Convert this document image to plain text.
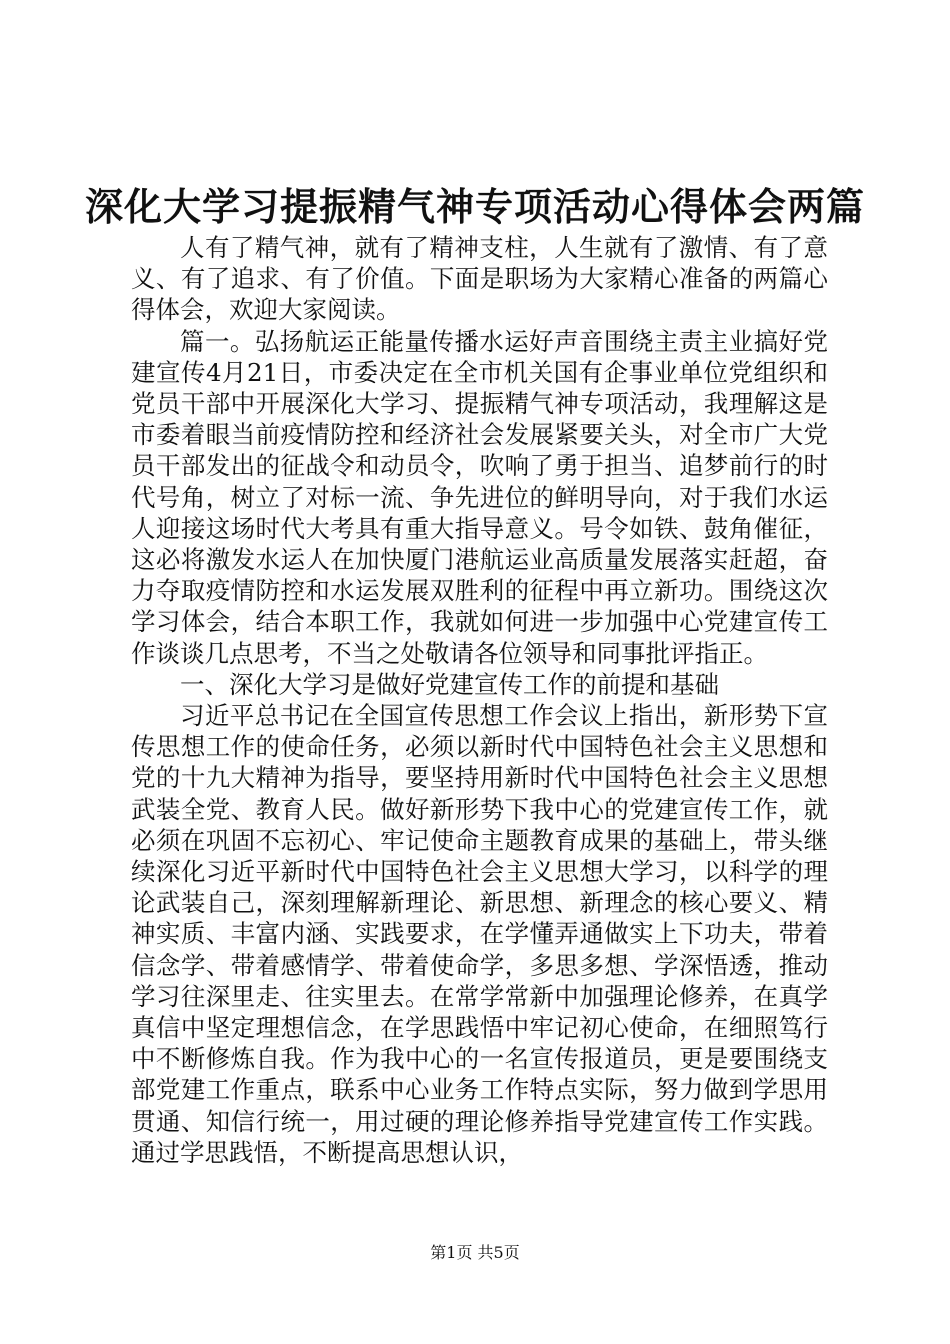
深化大学习提振精气神专项活动心得体会两篇

人有了精气神，就有了精神支柱，人生就有了激情、有了意义、有了追求、有了价值。下面是职场为大家精心准备的两篇心得体会，欢迎大家阅读。

篇一。弘扬航运正能量传播水运好声音围绕主责主业搞好党建宣传4月21日，市委决定在全市机关国有企事业单位党组织和党员干部中开展深化大学习、提振精气神专项活动，我理解这是市委着眼当前疫情防控和经济社会发展紧要关头，对全市广大党员干部发出的征战令和动员令，吹响了勇于担当、追梦前行的时代号角，树立了对标一流、争先进位的鲜明导向，对于我们水运人迎接这场时代大考具有重大指导意义。号令如铁、鼓角催征，这必将激发水运人在加快厦门港航运业高质量发展落实赶超，奋力夺取疫情防控和水运发展双胜利的征程中再立新功。围绕这次学习体会，结合本职工作，我就如何进一步加强中心党建宣传工作谈谈几点思考，不当之处敬请各位领导和同事批评指正。

一、深化大学习是做好党建宣传工作的前提和基础

习近平总书记在全国宣传思想工作会议上指出，新形势下宣传思想工作的使命任务，必须以新时代中国特色社会主义思想和党的十九大精神为指导，要坚持用新时代中国特色社会主义思想武装全党、教育人民。做好新形势下我中心的党建宣传工作，就必须在巩固不忘初心、牢记使命主题教育成果的基础上，带头继续深化习近平新时代中国特色社会主义思想大学习，以科学的理论武装自己，深刻理解新理论、新思想、新理念的核心要义、精神实质、丰富内涵、实践要求，在学懂弄通做实上下功夫，带着信念学、带着感情学、带着使命学，多思多想、学深悟透，推动学习往深里走、往实里去。在常学常新中加强理论修养，在真学真信中坚定理想信念，在学思践悟中牢记初心使命，在细照笃行中不断修炼自我。作为我中心的一名宣传报道员，更是要围绕支部党建工作重点，联系中心业务工作特点实际，努力做到学思用贯通、知信行统一，用过硬的理论修养指导党建宣传工作实践。通过学思践悟，不断提高思想认识，

第1页 共5页
